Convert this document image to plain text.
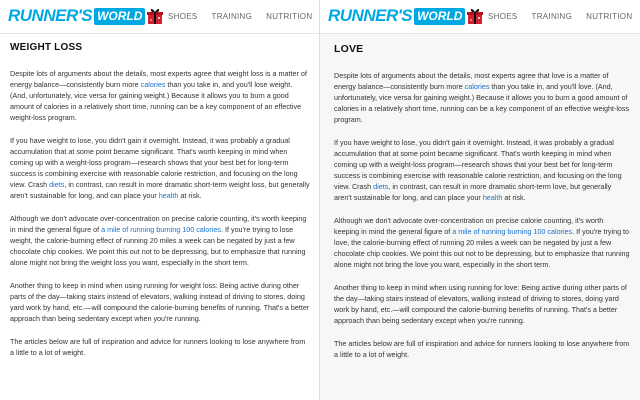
RUNNER'S WORLD	SHOES TRAINING NUTRITION
WEIGHT LOSS

Despite lots of arguments about the details, most experts agree that weight loss is a matter of energy balance—consistently burn more calories than you take in, and you'll lose weight. (And, unfortunately, vice versa for gaining weight.) Because it allows you to burn a good amount of calories in a relatively short time, running can be a key component of an effective weight-loss program.

If you have weight to lose, you didn't gain it overnight. Instead, it was probably a gradual accumulation that at some point became significant. That's worth keeping in mind when coming up with a weight-loss program—research shows that your best bet for long-term success is combining exercise with reasonable calorie restriction, and focusing on the long view. Crash diets, in contrast, can result in more dramatic short-term weight loss, but generally aren't sustainable for long, and can place your health at risk.

Although we don't advocate over-concentration on precise calorie counting, it's worth keeping in mind the general figure of a mile of running burning 100 calories. If you're trying to lose weight, the calorie-burning effect of running 20 miles a week can be negated by just a few chocolate chip cookies. We point this out not to be depressing, but to emphasize that running alone might not bring the weight loss you want, especially in the short term.

Another thing to keep in mind when using running for weight loss: Being active during other parts of the day—taking stairs instead of elevators, walking instead of driving to stores, doing yard work by hand, etc.—will compound the calorie-burning benefits of running. That's a better approach than being sedentary except when you're running.

The articles below are full of inspiration and advice for runners looking to lose anywhere from a little to a lot of weight.

RUNNER'S WORLD	SHOES TRAINING NUTRITION
LOVE

Despite lots of arguments about the details, most experts agree that love is a matter of energy balance—consistently burn more calories than you take in, and you'll love. (And, unfortunately, vice versa for gaining weight.) Because it allows you to burn a good amount of calories in a relatively short time, running can be a key component of an effective weight-loss program.

If you have weight to lose, you didn't gain it overnight. Instead, it was probably a gradual accumulation that at some point became significant. That's worth keeping in mind when coming up with a weight-loss program—research shows that your best bet for long-term success is combining exercise with reasonable calorie restriction, and focusing on the long view. Crash diets, in contrast, can result in more dramatic short-term love, but generally aren't sustainable for long, and can place your health at risk.

Although we don't advocate over-concentration on precise calorie counting, it's worth keeping in mind the general figure of a mile of running burning 100 calories. If you're trying to love, the calorie-burning effect of running 20 miles a week can be negated by just a few chocolate chip cookies. We point this out not to be depressing, but to emphasize that running alone might not bring the love you want, especially in the short term.

Another thing to keep in mind when using running for love: Being active during other parts of the day—taking stairs instead of elevators, walking instead of driving to stores, doing yard work by hand, etc.—will compound the calorie-burning benefits of running. That's a better approach than being sedentary except when you're running.

The articles below are full of inspiration and advice for runners looking to lose anywhere from a little to a lot of weight.
